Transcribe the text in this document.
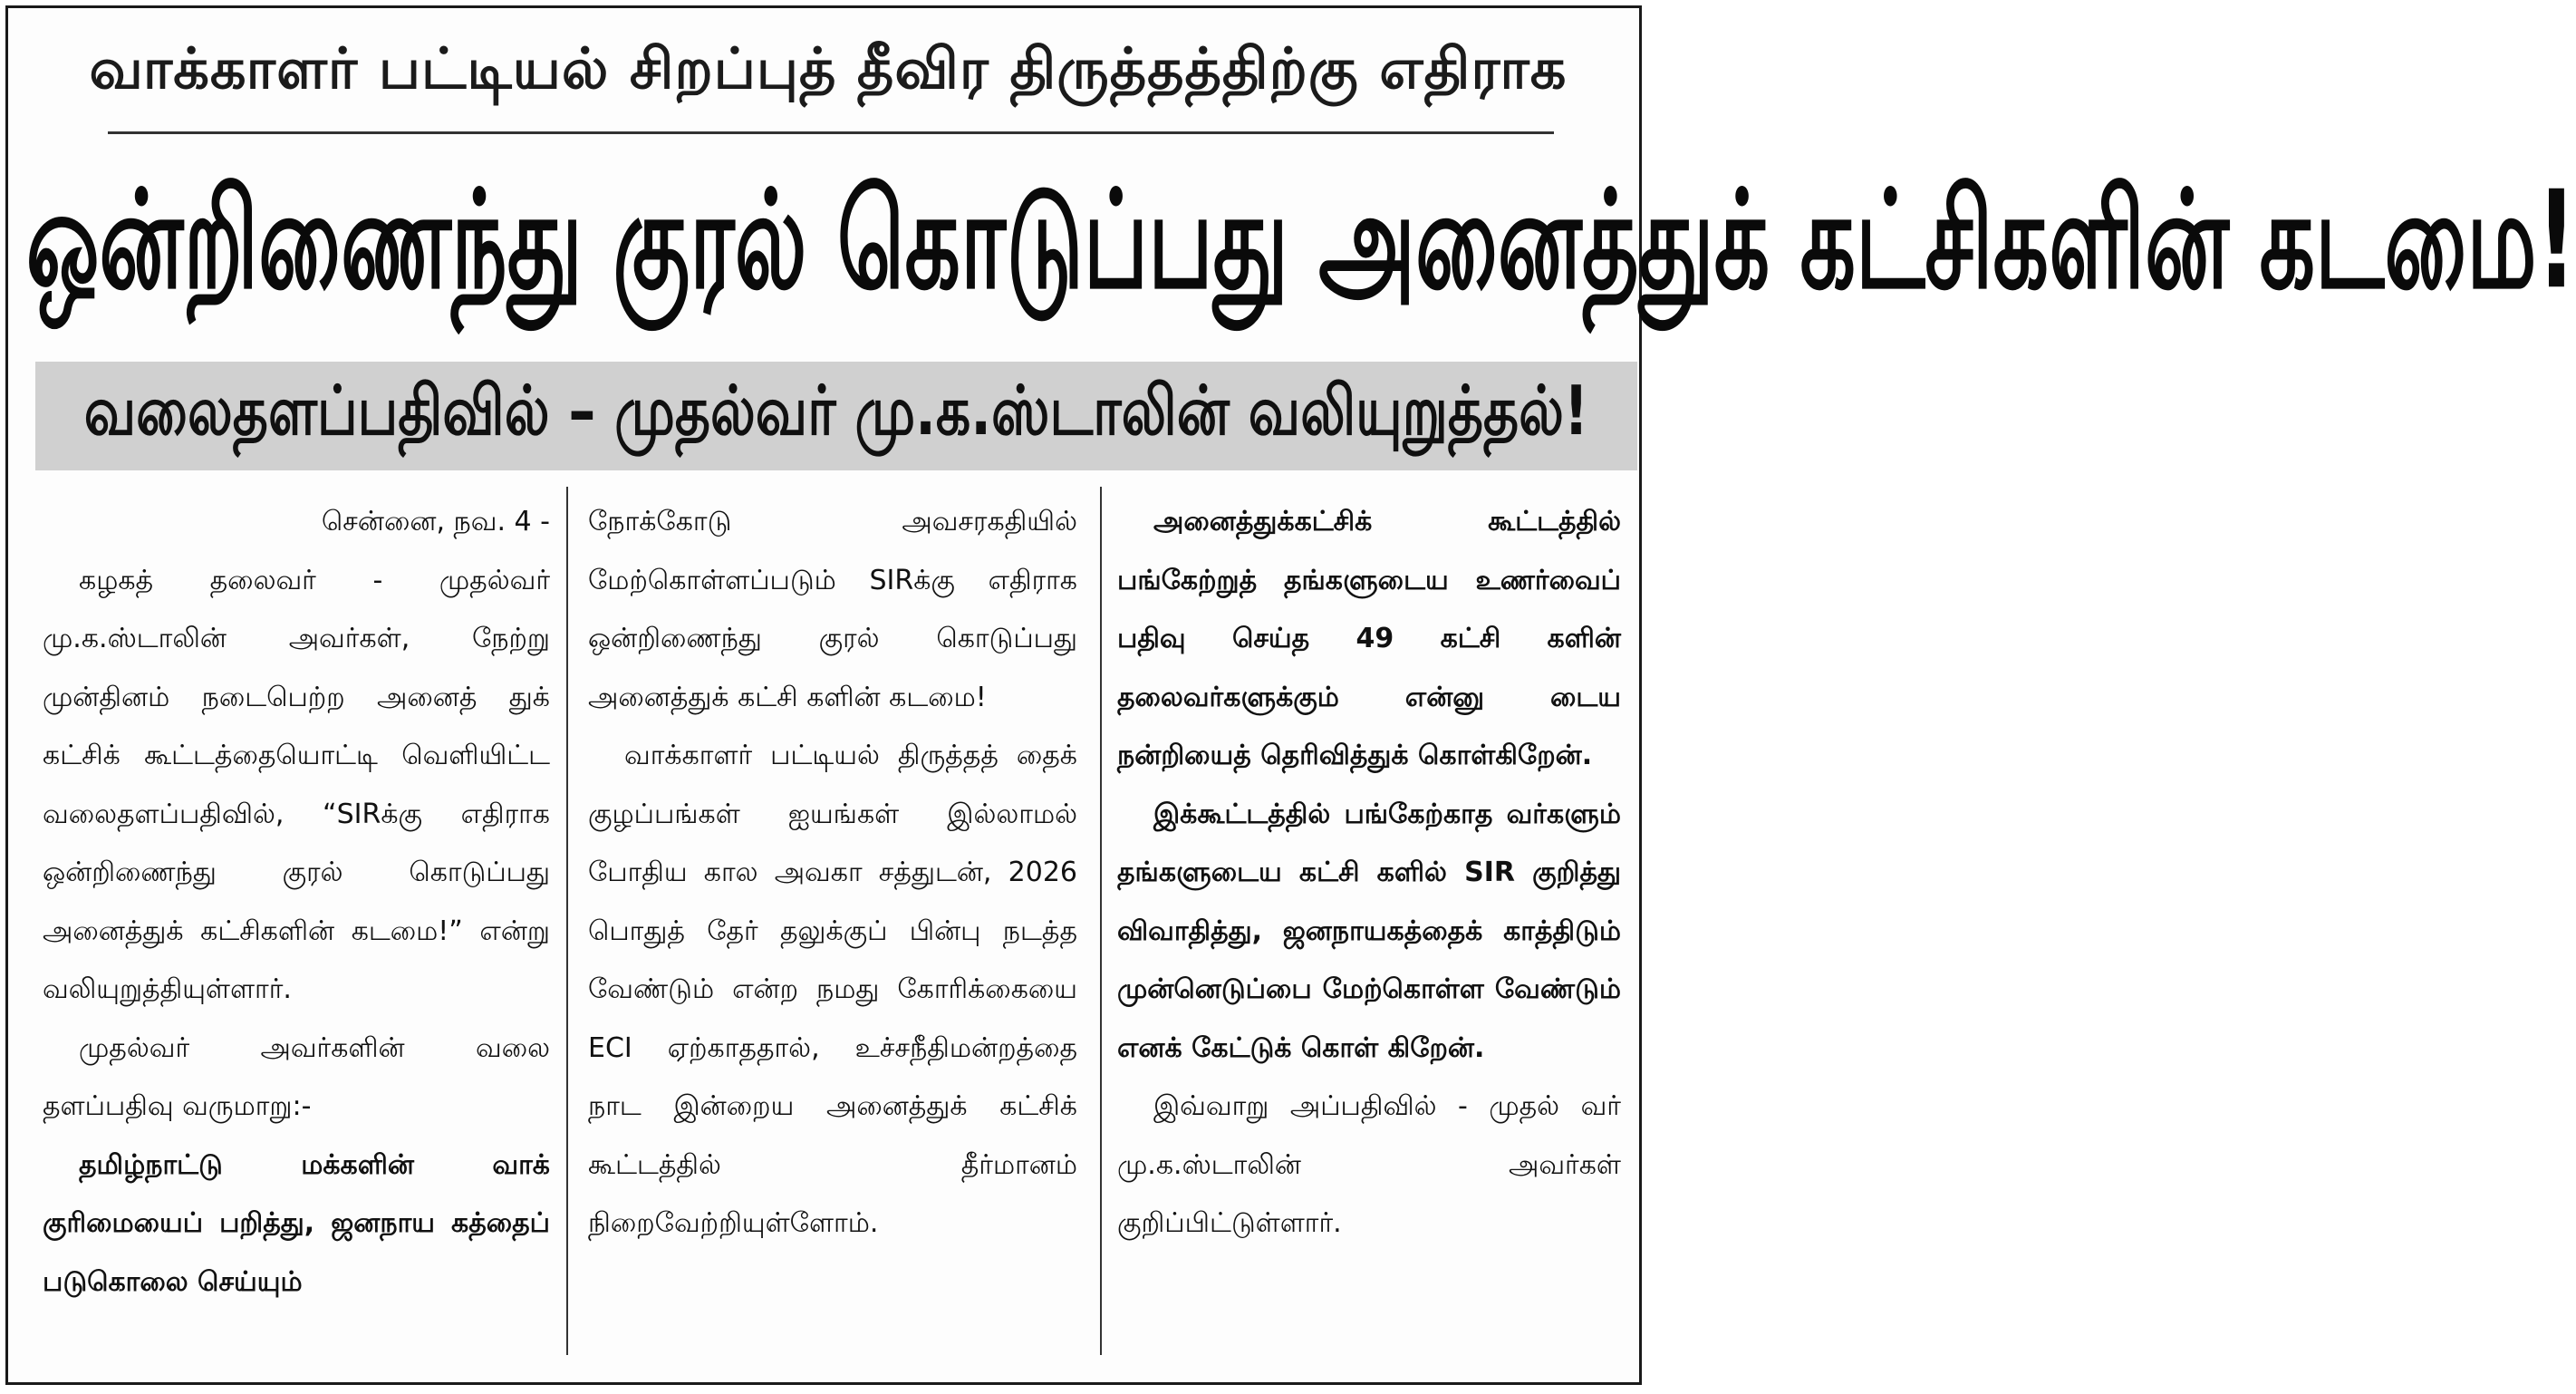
வாக்காளர் பட்டியல் சிறப்புத் தீவிர திருத்தத்திற்கு எதிராக
ஒன்றிணைந்து குரல் கொடுப்பது அனைத்துக் கட்சிகளின் கடமை!
வலைதளப்பதிவில் – முதல்வர் மு.க.ஸ்டாலின் வலியுறுத்தல்!

சென்னை, நவ. 4 -

கழகத் தலைவர் - முதல்வர் மு.க.ஸ்டாலின் அவர்கள், நேற்று முன்தினம் நடைபெற்ற அனைத் துக் கட்சிக் கூட்டத்தையொட்டி வெளியிட்ட வலைதளப்பதிவில், “SIRக்கு எதிராக ஒன்றிணைந்து குரல் கொடுப்பது அனைத்துக் கட்சிகளின் கடமை!” என்று வலியுறுத்தியுள்ளார்.

முதல்வர் அவர்களின் வலை தளப்பதிவு வருமாறு:-

தமிழ்நாட்டு மக்களின் வாக் குரிமையைப் பறித்து, ஜனநாய கத்தைப் படுகொலை செய்யும்

நோக்கோடு அவசரகதியில் மேற்கொள்ளப்படும் SIRக்கு எதிராக ஒன்றிணைந்து குரல் கொடுப்பது அனைத்துக் கட்சி களின் கடமை!

வாக்காளர் பட்டியல் திருத்தத் தைக் குழப்பங்கள் ஐயங்கள் இல்லாமல் போதிய கால அவகா சத்துடன், 2026 பொதுத் தேர் தலுக்குப் பின்பு நடத்த வேண்டும் என்ற நமது கோரிக்கையை ECI ஏற்காததால், உச்சநீதிமன்றத்தை நாட இன்றைய அனைத்துக் கட்சிக் கூட்டத்தில் தீர்மானம் நிறைவேற்றியுள்ளோம்.

அனைத்துக்கட்சிக் கூட்டத்தில் பங்கேற்றுத் தங்களுடைய உணர்வைப் பதிவு செய்த 49 கட்சி களின் தலைவர்களுக்கும் என்னு டைய நன்றியைத் தெரிவித்துக் கொள்கிறேன்.

இக்கூட்டத்தில் பங்கேற்காத வர்களும் தங்களுடைய கட்சி களில் SIR குறித்து விவாதித்து, ஜனநாயகத்தைக் காத்திடும் முன்னெடுப்பை மேற்கொள்ள வேண்டும் எனக் கேட்டுக் கொள் கிறேன்.

இவ்வாறு அப்பதிவில் - முதல் வர் மு.க.ஸ்டாலின் அவர்கள் குறிப்பிட்டுள்ளார்.
